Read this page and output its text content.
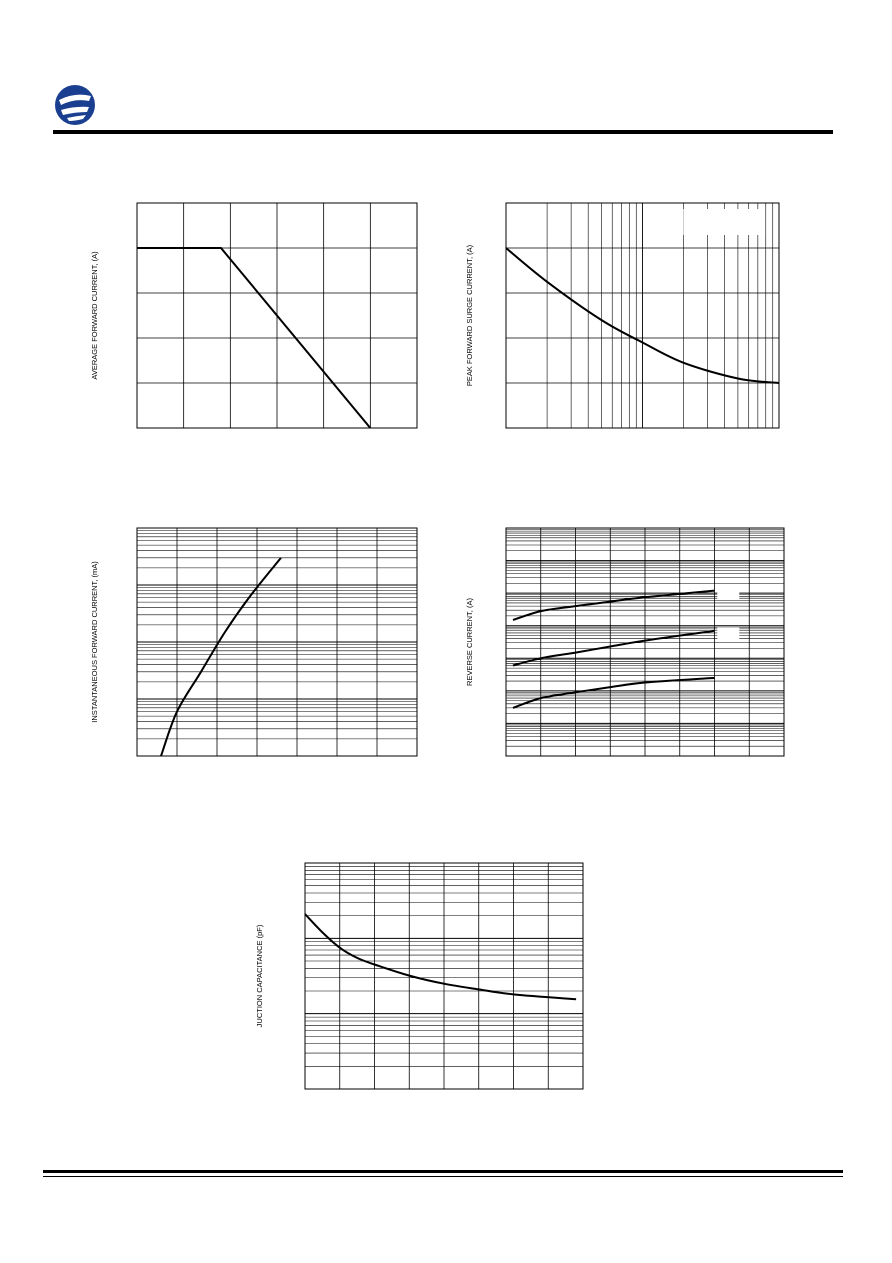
AVERAGE FORWARD CURRENT, (A)	PEAK FORWARD SURGE CURRENT, (A)
INSTANTANEOUS FORWARD CURRENT, (mA)	REVERSE CURRENT, (A)
JUCTION CAPACITANCE (pF)
